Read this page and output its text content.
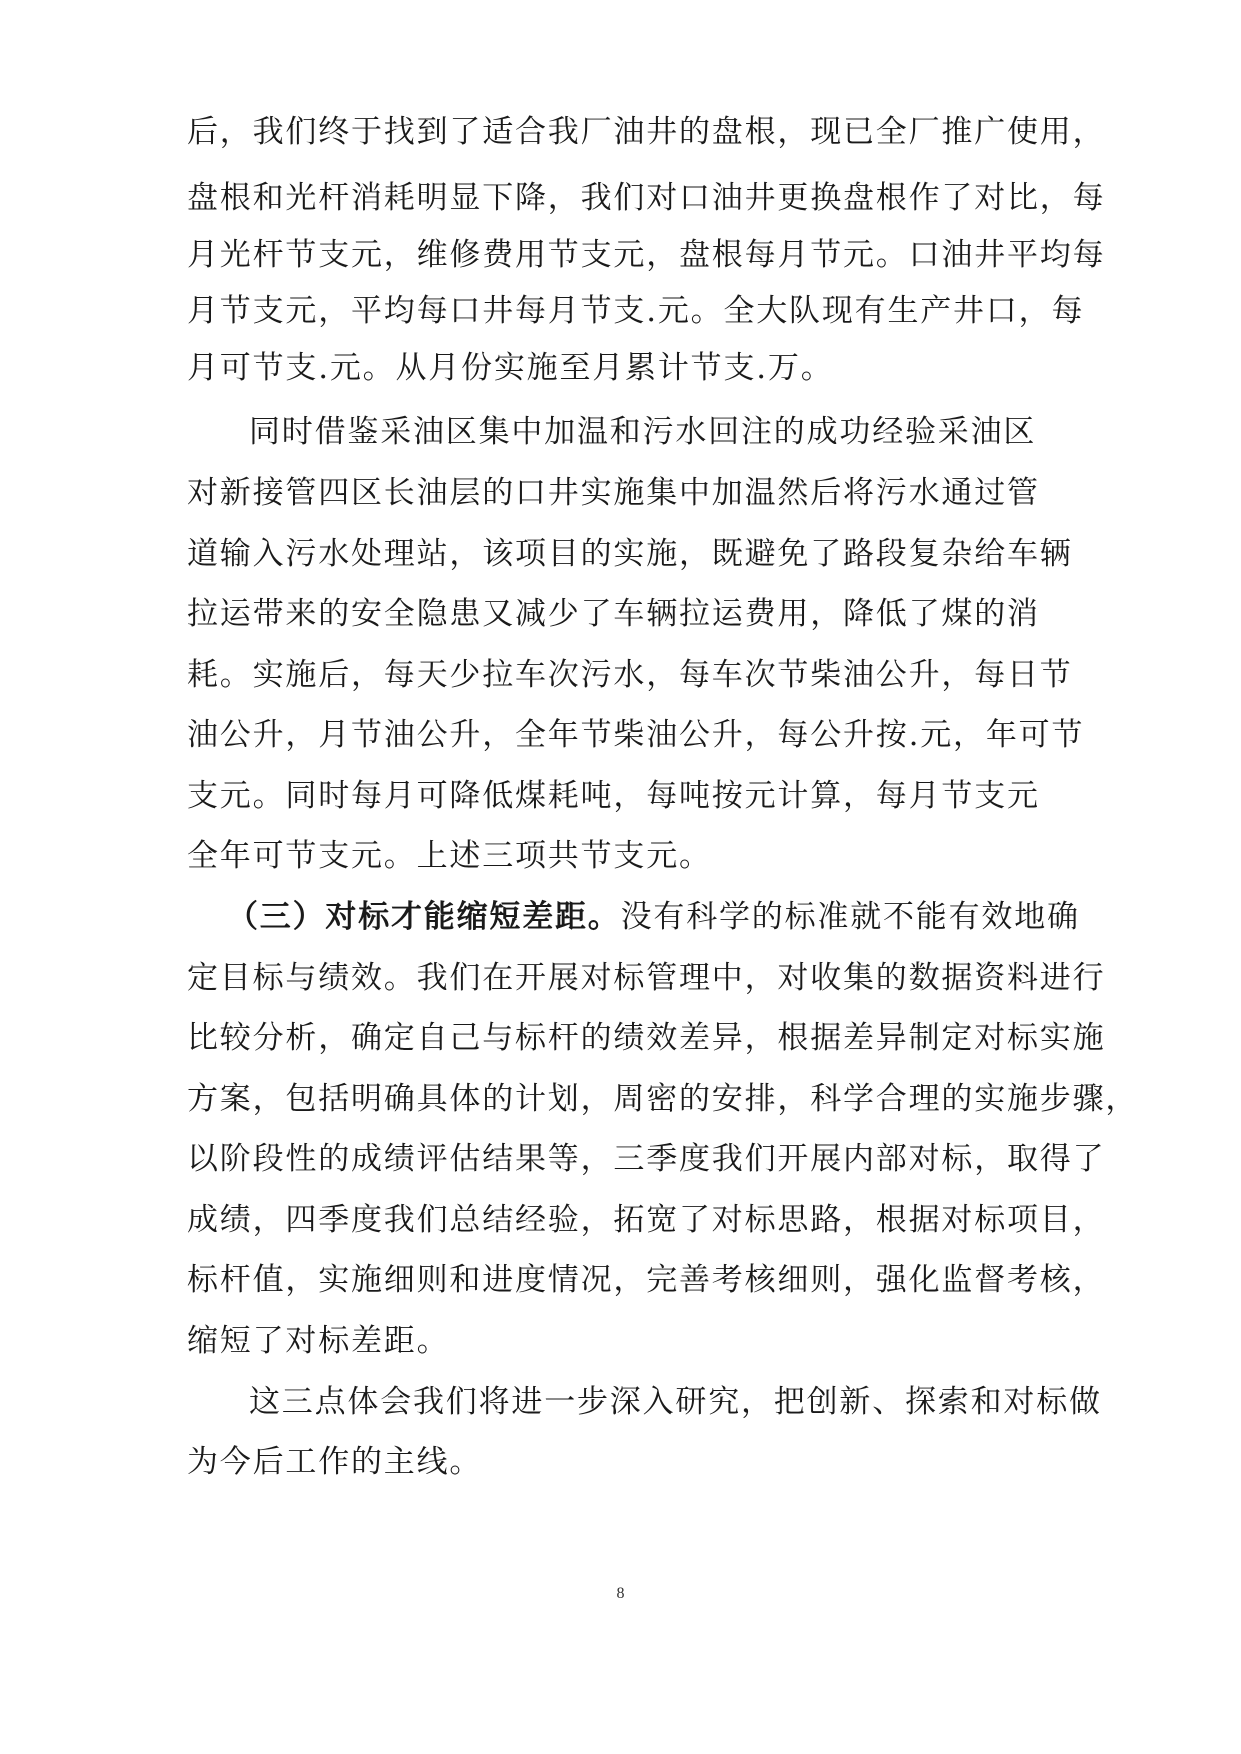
后，我们终于找到了适合我厂油井的盘根，现已全厂推广使用，
盘根和光杆消耗明显下降，我们对口油井更换盘根作了对比，每
月光杆节支元，维修费用节支元，盘根每月节元。口油井平均每
月节支元，平均每口井每月节支.元。全大队现有生产井口，每
月可节支.元。从月份实施至月累计节支.万。
同时借鉴采油区集中加温和污水回注的成功经验采油区
对新接管四区长油层的口井实施集中加温然后将污水通过管
道输入污水处理站，该项目的实施，既避免了路段复杂给车辆
拉运带来的安全隐患又减少了车辆拉运费用，降低了煤的消
耗。实施后，每天少拉车次污水，每车次节柴油公升，每日节
油公升，月节油公升，全年节柴油公升，每公升按.元，年可节
支元。同时每月可降低煤耗吨，每吨按元计算，每月节支元
全年可节支元。上述三项共节支元。
（三）对标才能缩短差距。没有科学的标准就不能有效地确
定目标与绩效。我们在开展对标管理中，对收集的数据资料进行
比较分析，确定自己与标杆的绩效差异，根据差异制定对标实施
方案，包括明确具体的计划，周密的安排，科学合理的实施步骤，
以阶段性的成绩评估结果等，三季度我们开展内部对标，取得了
成绩，四季度我们总结经验，拓宽了对标思路，根据对标项目，
标杆值，实施细则和进度情况，完善考核细则，强化监督考核，
缩短了对标差距。
这三点体会我们将进一步深入研究，把创新、探索和对标做
为今后工作的主线。
8
